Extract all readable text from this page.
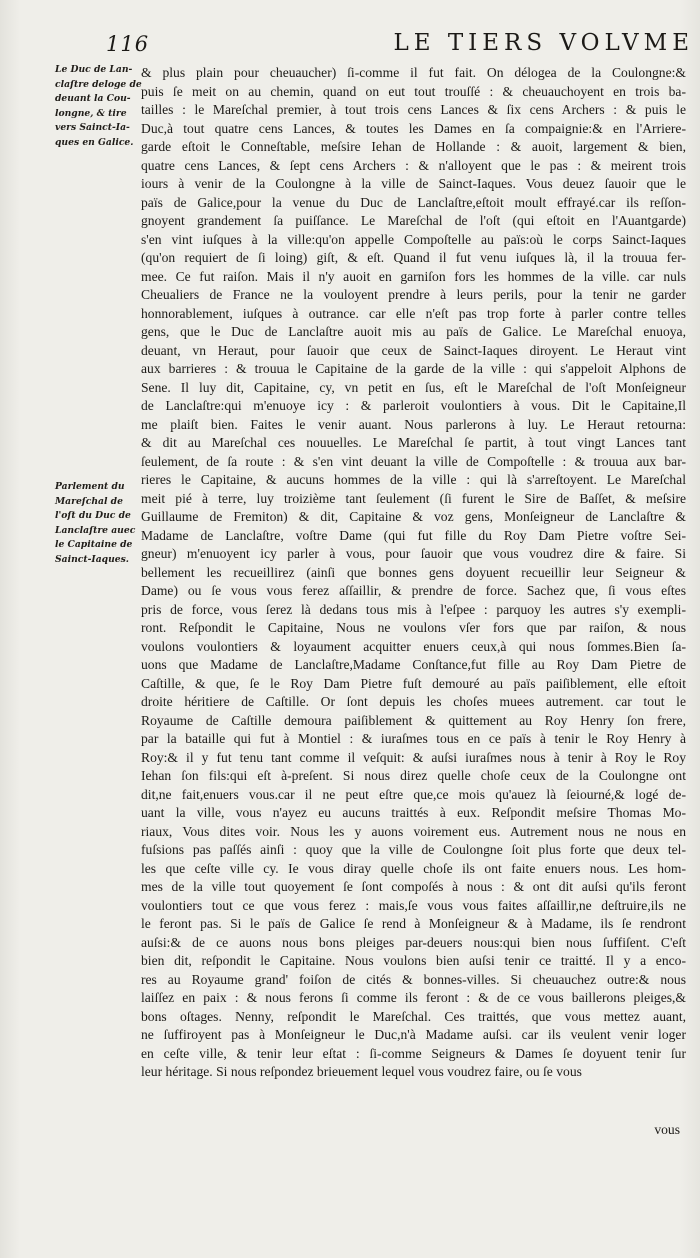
116	LE TIERS VOLVME
Le Duc de Lan-
claſtre deloge de
deuant la Cou-
longne, & tire
vers Sainct-Ia-
ques en Galice.
Parlement du
Mareſchal de
l'oſt du Duc de
Lanclaſtre auec
le Capitaine de
Sainct-Iaques.
& plus plain pour cheuaucher) ſi-comme il fut fait. On délogea de la Coulongne:&
puis ſe meit on au chemin, quand on eut tout trouſſé : & cheuauchoyent en trois ba-
tailles : le Mareſchal premier, à tout trois cens Lances & ſix cens Archers : & puis le
Duc,à tout quatre cens Lances, & toutes les Dames en ſa compaignie:& en l'Arriere-
garde eſtoit le Conneſtable, meſsire Iehan de Hollande : & auoit, largement & bien,
quatre cens Lances, & ſept cens Archers : & n'alloyent que le pas : & meirent trois
iours à venir de la Coulongne à la ville de Sainct-Iaques. Vous deuez ſauoir que le
païs de Galice,pour la venue du Duc de Lanclaſtre,eſtoit moult effrayé.car ils reſſon-
gnoyent grandement ſa puiſſance. Le Mareſchal de l'oſt (qui eſtoit en l'Auantgarde)
s'en vint iuſques à la ville:qu'on appelle Compoſtelle au païs:où le corps Sainct-Iaques
(qu'on requiert de ſi loing) giſt, & eſt. Quand il fut venu iuſques là, il la trouua fer-
mee. Ce fut raiſon. Mais il n'y auoit en garniſon fors les hommes de la ville. car nuls
Cheualiers de France ne la vouloyent prendre à leurs perils, pour la tenir ne garder
honnorablement, iuſques à outrance. car elle n'eſt pas trop forte à parler contre telles
gens, que le Duc de Lanclaſtre auoit mis au païs de Galice. Le Mareſchal enuoya,
deuant, vn Heraut, pour ſauoir que ceux de Sainct-Iaques diroyent. Le Heraut vint
aux barrieres : & trouua le Capitaine de la garde de la ville : qui s'appeloit Alphons de
Sene. Il luy dit, Capitaine, cy, vn petit en ſus, eſt le Mareſchal de l'oſt Monſeigneur
de Lanclaſtre:qui m'enuoye icy : & parleroit voulontiers à vous. Dit le Capitaine,Il
me plaiſt bien. Faites le venir auant. Nous parlerons à luy. Le Heraut retourna:
& dit au Mareſchal ces nouuelles. Le Mareſchal ſe partit, à tout vingt Lances tant
ſeulement, de ſa route : & s'en vint deuant la ville de Compoſtelle : & trouua aux bar-
rieres le Capitaine, & aucuns hommes de la ville : qui là s'arreſtoyent. Le Mareſchal
meit pié à terre, luy troizième tant ſeulement (ſi furent le Sire de Baſſet, & meſsire
Guillaume de Fremiton) & dit, Capitaine & voz gens, Monſeigneur de Lanclaſtre &
Madame de Lanclaſtre, voſtre Dame (qui fut fille du Roy Dam Pietre voſtre Sei-
gneur) m'enuoyent icy parler à vous, pour ſauoir que vous voudrez dire & faire. Si
bellement les recueillirez (ainſi que bonnes gens doyuent recueillir leur Seigneur &
Dame) ou ſe vous vous ferez aſſaillir, & prendre de force. Sachez que, ſi vous eſtes
pris de force, vous ſerez là dedans tous mis à l'eſpee : parquoy les autres s'y exempli-
ront. Reſpondit le Capitaine, Nous ne voulons vſer fors que par raiſon, & nous
voulons voulontiers & loyaument acquitter enuers ceux,à qui nous ſommes.Bien ſa-
uons que Madame de Lanclaſtre,Madame Conſtance,fut fille au Roy Dam Pietre de
Caſtille, & que, ſe le Roy Dam Pietre fuſt demouré au païs paiſiblement, elle eſtoit
droite héritiere de Caſtille. Or ſont depuis les choſes muees autrement. car tout le
Royaume de Caſtille demoura paiſiblement & quittement au Roy Henry ſon frere,
par la bataille qui fut à Montiel : & iuraſmes tous en ce païs à tenir le Roy Henry à
Roy:& il y fut tenu tant comme il veſquit: & auſsi iuraſmes nous à tenir à Roy le Roy
Iehan ſon fils:qui eſt à-preſent. Si nous direz quelle choſe ceux de la Coulongne ont
dit,ne fait,enuers vous.car il ne peut eſtre que,ce mois qu'auez là ſeiourné,& logé de-
uant la ville, vous n'ayez eu aucuns traittés à eux. Reſpondit meſsire Thomas Mo-
riaux, Vous dites voir. Nous les y auons voirement eus. Autrement nous ne nous en
fuſsions pas paſſés ainſi : quoy que la ville de Coulongne ſoit plus forte que deux tel-
les que ceſte ville cy. Ie vous diray quelle choſe ils ont faite enuers nous. Les hom-
mes de la ville tout quoyement ſe ſont compoſés à nous : & ont dit auſsi qu'ils feront
voulontiers tout ce que vous ferez : mais,ſe vous vous faites aſſaillir,ne deſtruire,ils ne
le feront pas. Si le païs de Galice ſe rend à Monſeigneur & à Madame, ils ſe rendront
auſsi:& de ce auons nous bons pleiges par-deuers nous:qui bien nous ſuffiſent. C'eſt
bien dit, reſpondit le Capitaine. Nous voulons bien auſsi tenir ce traitté. Il y a enco-
res au Royaume grand' foiſon de cités & bonnes-villes. Si cheuauchez outre:& nous
laiſſez en paix : & nous ferons ſi comme ils feront : & de ce vous baillerons pleiges,&
bons oſtages. Nenny, reſpondit le Mareſchal. Ces traittés, que vous mettez auant,
ne ſuffiroyent pas à Monſeigneur le Duc,n'à Madame auſsi. car ils veulent venir loger
en ceſte ville, & tenir leur eſtat : ſi-comme Seigneurs & Dames ſe doyuent tenir ſur
leur héritage. Si nous reſpondez brieuement lequel vous voudrez faire, ou ſe vous
vous
